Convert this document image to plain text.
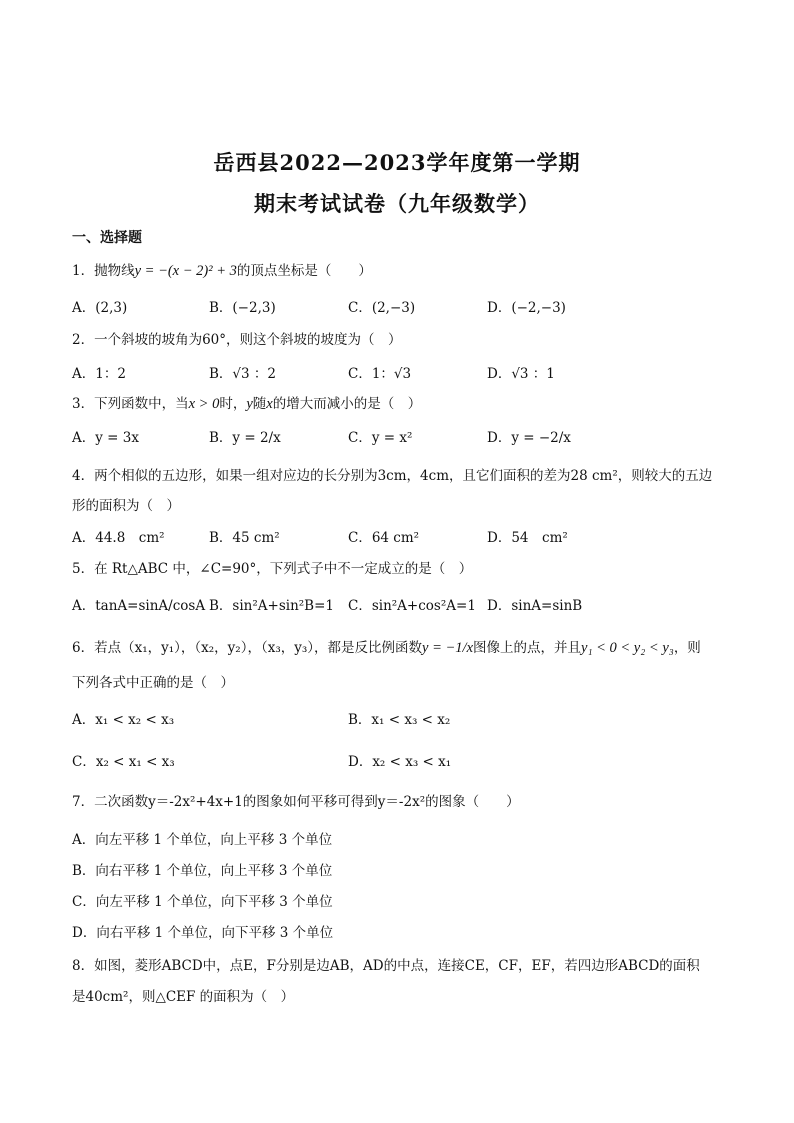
岳西县2022—2023学年度第一学期
期末考试试卷（九年级数学）
一、选择题
1．抛物线y = −(x − 2)² + 3的顶点坐标是（　　）
A．(2,3)	B．(−2,3)	C．(2,−3)	D．(−2,−3)
2．一个斜坡的坡角为60°，则这个斜坡的坡度为（　）
A．1：2	B．√3 ：2	C．1：√3	D．√3 ：1
3．下列函数中，当x > 0时，y随x的增大而减小的是（　）
A．y = 3x	B．y = 2/x	C．y = x²	D．y = −2/x
4．两个相似的五边形，如果一组对应边的长分别为3cm，4cm，且它们面积的差为28 cm²，则较大的五边
形的面积为（　）
A．44.8　cm²	B．45 cm²	C．64 cm²	D．54　cm²
5．在 Rt△ABC 中，∠C=90°，下列式子中不一定成立的是（　）
A．tanA=sinA/cosA B．sin²A+sin²B=1 C．sin²A+cos²A=1 D．sinA=sinB
6．若点（x₁，y₁），（x₂，y₂），（x₃，y₃），都是反比例函数y = −1/x图像上的点，并且y₁ < 0 < y₂ < y₃，则
下列各式中正确的是（　）
A．x₁ < x₂ < x₃	B．x₁ < x₃ < x₂
C．x₂ < x₁ < x₃	D．x₂ < x₃ < x₁
7．二次函数y＝-2x²+4x+1的图象如何平移可得到y＝-2x²的图象（　　）
A．向左平移 1 个单位，向上平移 3 个单位
B．向右平移 1 个单位，向上平移 3 个单位
C．向左平移 1 个单位，向下平移 3 个单位
D．向右平移 1 个单位，向下平移 3 个单位
8．如图，菱形ABCD中，点E，F分别是边AB，AD的中点，连接CE，CF，EF，若四边形ABCD的面积
是40cm²，则△CEF 的面积为（　）
